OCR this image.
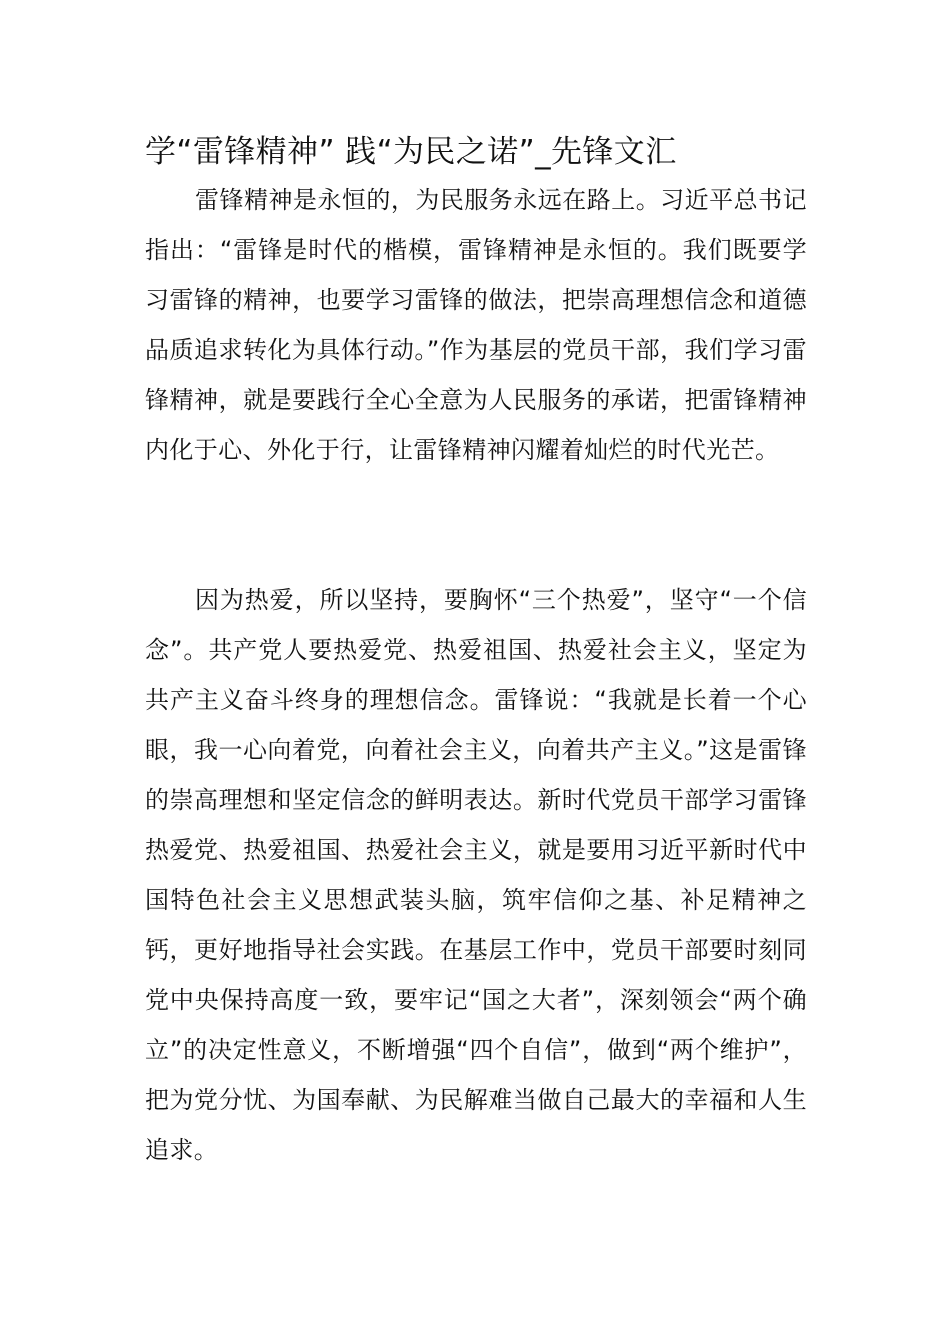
学“雷锋精神” 践“为民之诺”_先锋文汇

雷锋精神是永恒的，为民服务永远在路上。习近平总书记指出：“雷锋是时代的楷模，雷锋精神是永恒的。我们既要学习雷锋的精神，也要学习雷锋的做法，把崇高理想信念和道德品质追求转化为具体行动。”作为基层的党员干部，我们学习雷锋精神，就是要践行全心全意为人民服务的承诺，把雷锋精神内化于心、外化于行，让雷锋精神闪耀着灿烂的时代光芒。

因为热爱，所以坚持，要胸怀“三个热爱”，坚守“一个信念”。共产党人要热爱党、热爱祖国、热爱社会主义，坚定为共产主义奋斗终身的理想信念。雷锋说：“我就是长着一个心眼，我一心向着党，向着社会主义，向着共产主义。”这是雷锋的崇高理想和坚定信念的鲜明表达。新时代党员干部学习雷锋热爱党、热爱祖国、热爱社会主义，就是要用习近平新时代中国特色社会主义思想武装头脑，筑牢信仰之基、补足精神之钙，更好地指导社会实践。在基层工作中，党员干部要时刻同党中央保持高度一致，要牢记“国之大者”，深刻领会“两个确立”的决定性意义，不断增强“四个自信”，做到“两个维护”，把为党分忧、为国奉献、为民解难当做自己最大的幸福和人生追求。
